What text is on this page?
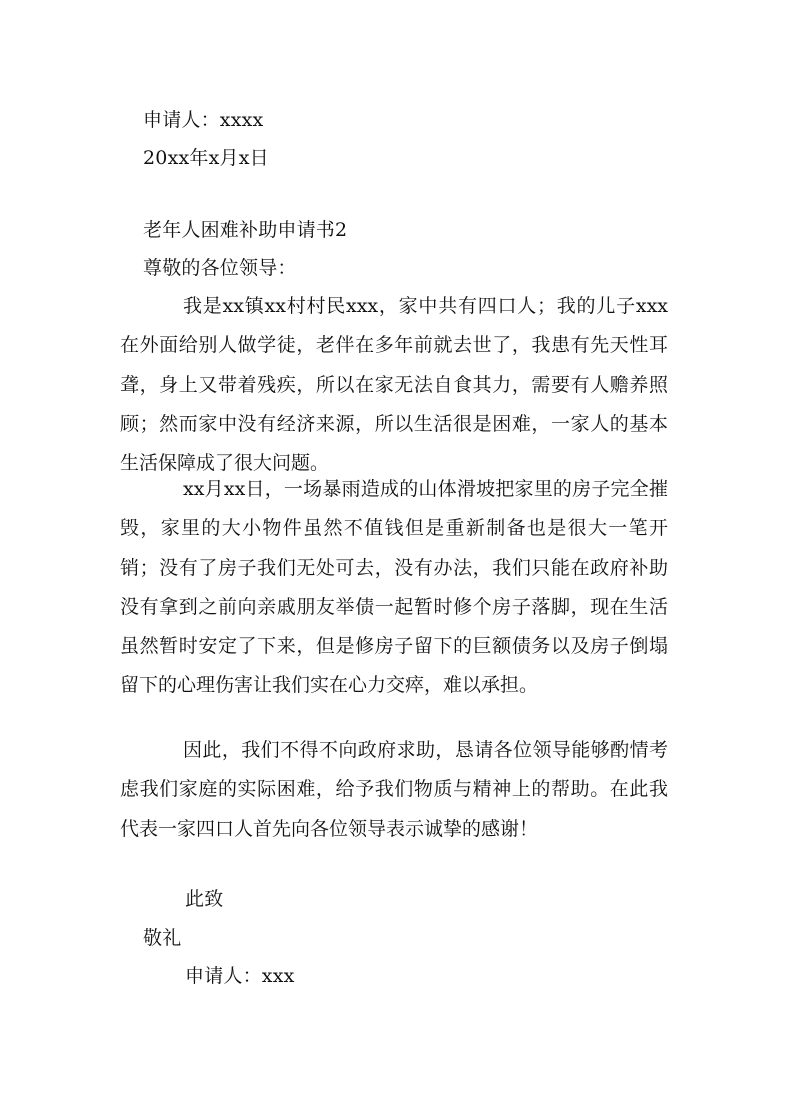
申请人：xxxx
20xx年x月x日
老年人困难补助申请书2
尊敬的各位领导：

我是xx镇xx村村民xxx，家中共有四口人；我的儿子xxx在外面给别人做学徒，老伴在多年前就去世了，我患有先天性耳聋，身上又带着残疾，所以在家无法自食其力，需要有人赡养照顾；然而家中没有经济来源，所以生活很是困难，一家人的基本生活保障成了很大问题。

xx月xx日，一场暴雨造成的山体滑坡把家里的房子完全摧毁，家里的大小物件虽然不值钱但是重新制备也是很大一笔开销；没有了房子我们无处可去，没有办法，我们只能在政府补助没有拿到之前向亲戚朋友举债一起暂时修个房子落脚，现在生活虽然暂时安定了下来，但是修房子留下的巨额债务以及房子倒塌留下的心理伤害让我们实在心力交瘁，难以承担。

因此，我们不得不向政府求助，恳请各位领导能够酌情考虑我们家庭的实际困难，给予我们物质与精神上的帮助。在此我代表一家四口人首先向各位领导表示诚挚的感谢！

此致
敬礼
申请人：xxx
